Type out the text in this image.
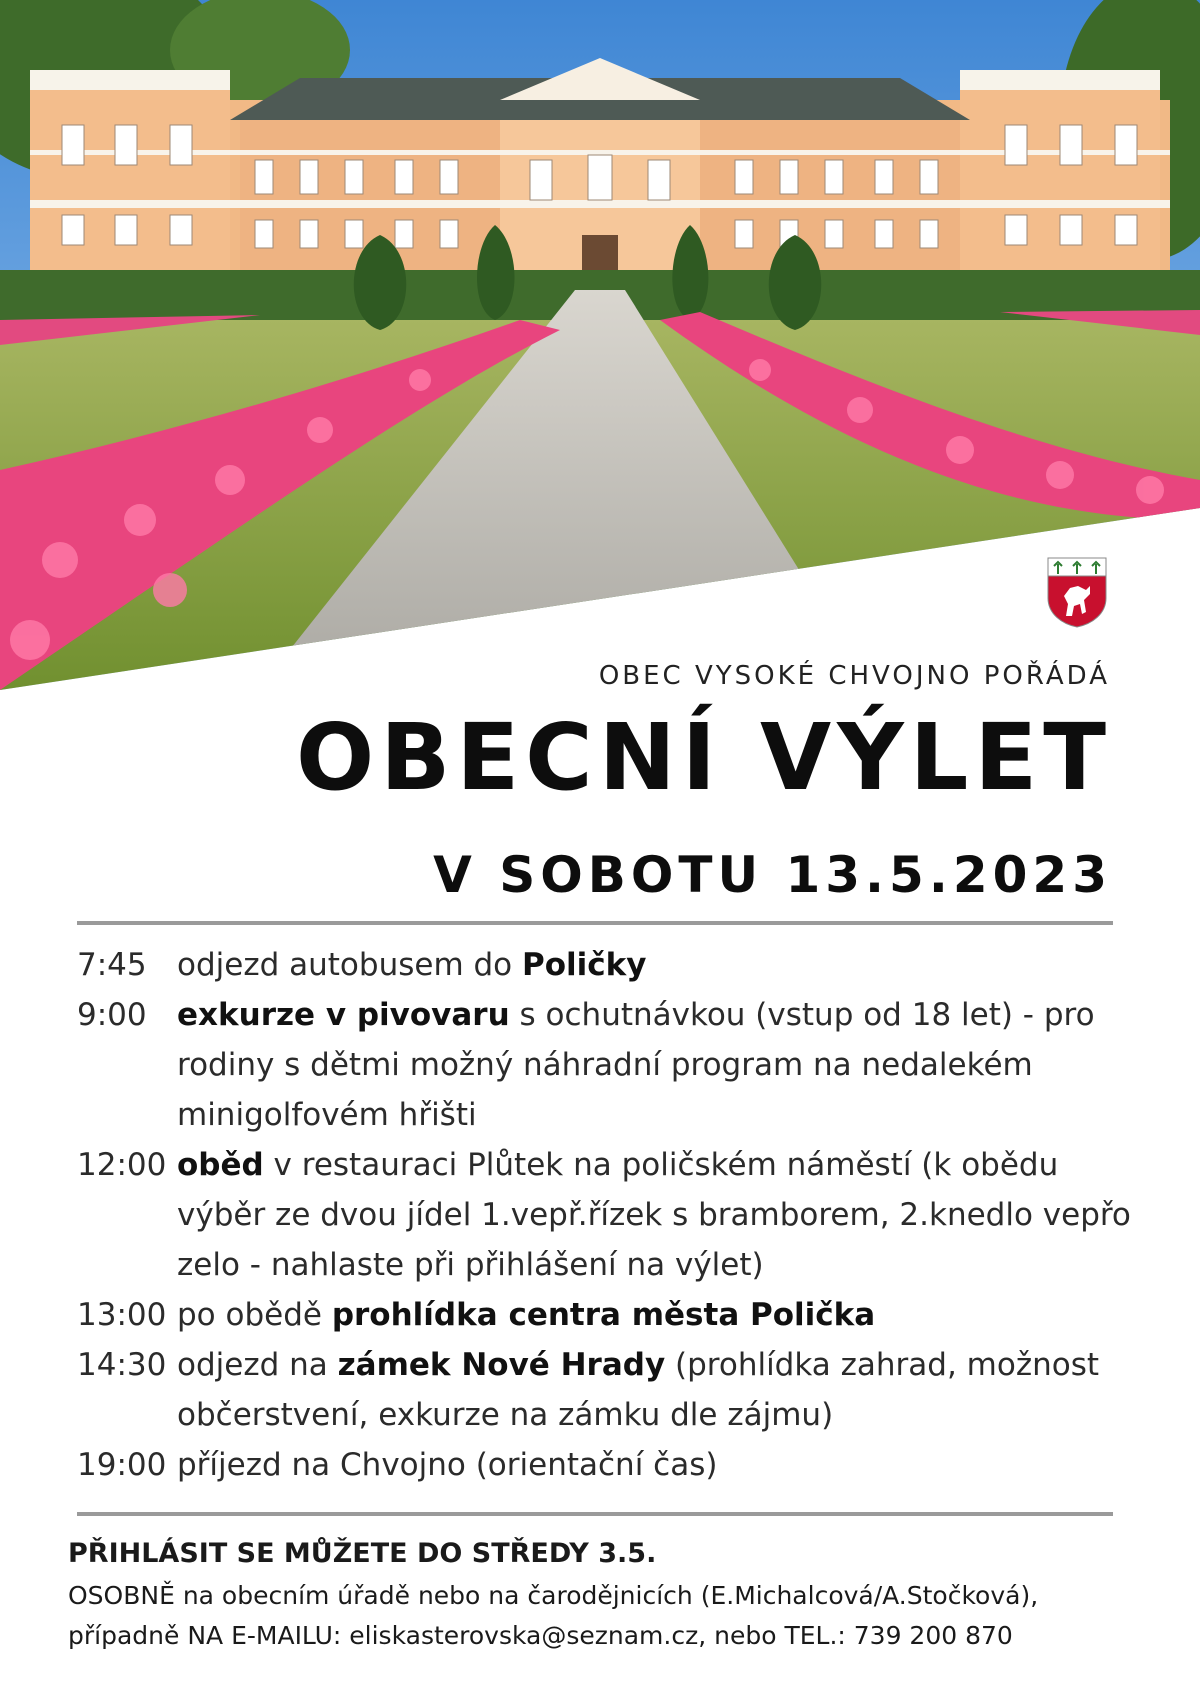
OBEC VYSOKÉ CHVOJNO POŘÁDÁ
OBECNÍ VÝLET
V SOBOTU 13.5.2023
7:45 odjezd autobusem do Poličky
9:00 exkurze v pivovaru s ochutnávkou (vstup od 18 let) - pro rodiny s dětmi možný náhradní program na nedalekém minigolfovém hřišti
12:00 oběd v restauraci Plůtek na poličském náměstí (k obědu výběr ze dvou jídel 1.vepř.řízek s bramborem, 2.knedlo vepřo zelo - nahlaste při přihlášení na výlet)
13:00 po obědě prohlídka centra města Polička
14:30 odjezd na zámek Nové Hrady (prohlídka zahrad, možnost občerstvení, exkurze na zámku dle zájmu)
19:00 příjezd na Chvojno (orientační čas)
PŘIHLÁSIT SE MŮŽETE DO STŘEDY 3.5.
OSOBNĚ na obecním úřadě nebo na čarodějnicích (E.Michalcová/A.Stočková),
případně NA E-MAILU: eliskasterovska@seznam.cz, nebo TEL.: 739 200 870
